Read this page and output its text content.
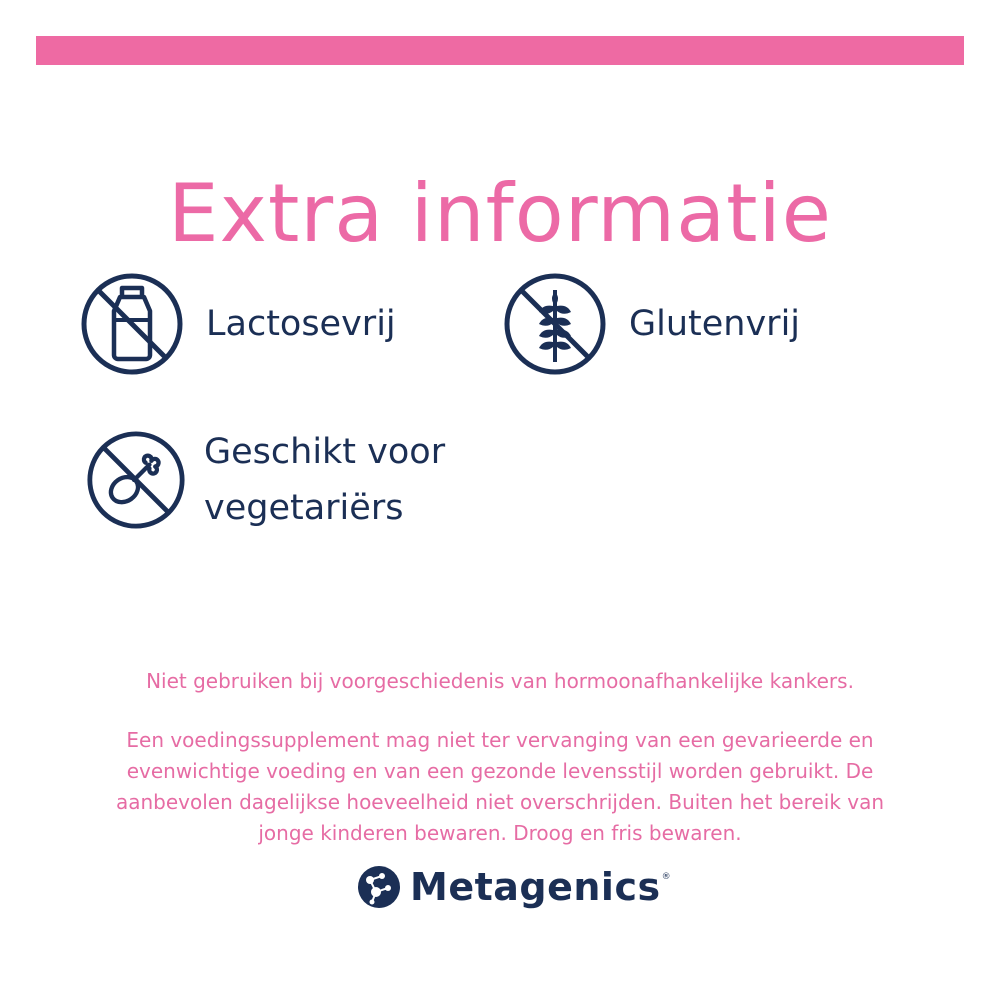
Extra informatie
Lactosevrij	Glutenvrij
Geschikt voor vegetariërs

Niet gebruiken bij voorgeschiedenis van hormoonafhankelijke kankers.

Een voedingssupplement mag niet ter vervanging van een gevarieerde en evenwichtige voeding en van een gezonde levensstijl worden gebruikt. De aanbevolen dagelijkse hoeveelheid niet overschrijden. Buiten het bereik van jonge kinderen bewaren. Droog en fris bewaren.

Metagenics ®
